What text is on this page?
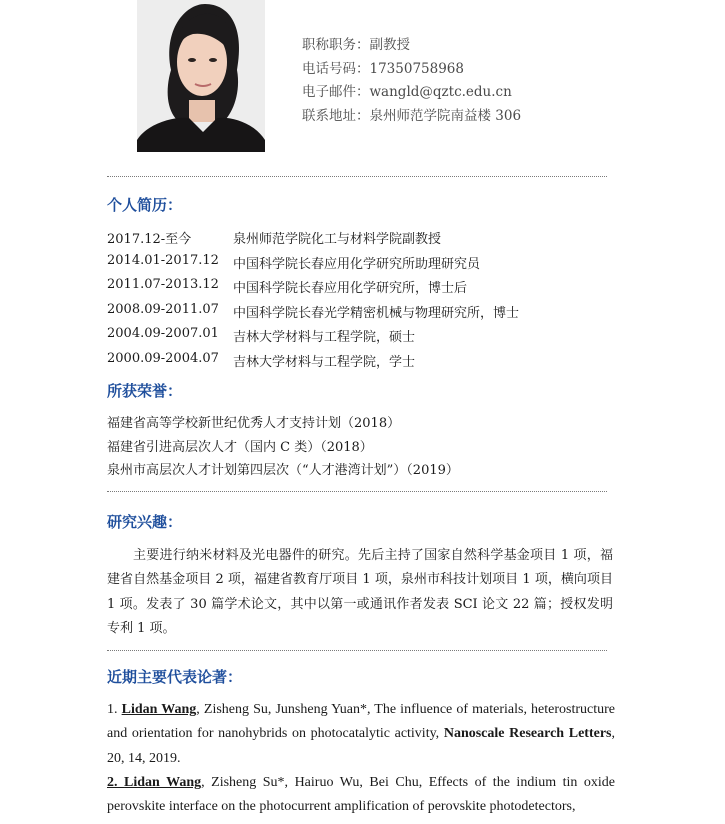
职称职务：副教授
电话号码：17350758968
电子邮件：wangld@qztc.edu.cn
联系地址：泉州师范学院南益楼 306
个人简历：
2017.12-至今	泉州师范学院化工与材料学院副教授
2014.01-2017.12	中国科学院长春应用化学研究所助理研究员
2011.07-2013.12	中国科学院长春应用化学研究所，博士后
2008.09-2011.07	中国科学院长春光学精密机械与物理研究所，博士
2004.09-2007.01	吉林大学材料与工程学院，硕士
2000.09-2004.07	吉林大学材料与工程学院，学士
所获荣誉：
福建省高等学校新世纪优秀人才支持计划（2018）
福建省引进高层次人才（国内 C 类）（2018）
泉州市高层次人才计划第四层次（“人才港湾计划”）（2019）
研究兴趣：
主要进行纳米材料及光电器件的研究。先后主持了国家自然科学基金项目 1 项，福建省自然基金项目 2 项，福建省教育厅项目 1 项，泉州市科技计划项目 1 项，横向项目 1 项。发表了 30 篇学术论文，其中以第一或通讯作者发表 SCI 论文 22 篇；授权发明专利 1 项。
近期主要代表论著：

1. Lidan Wang, Zisheng Su, Junsheng Yuan*, The influence of materials, heterostructure and orientation for nanohybrids on photocatalytic activity, Nanoscale Research Letters, 20, 14, 2019.

2. Lidan Wang, Zisheng Su*, Hairuo Wu, Bei Chu, Effects of the indium tin oxide perovskite interface on the photocurrent amplification of perovskite photodetectors,
